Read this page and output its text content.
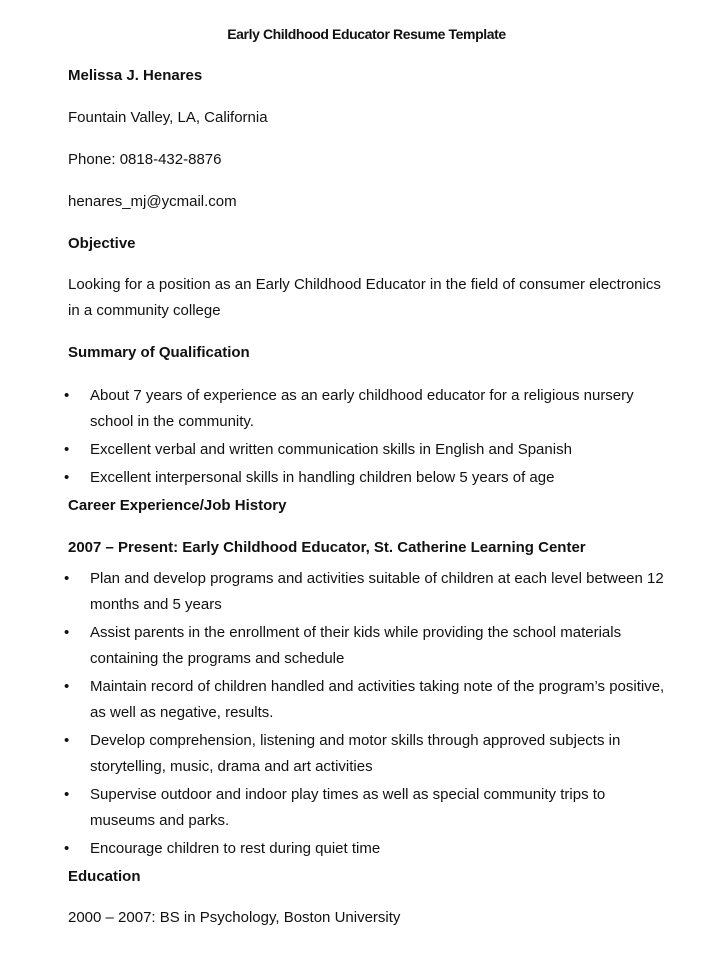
Early Childhood Educator Resume Template
Melissa J. Henares
Fountain Valley, LA, California
Phone: 0818-432-8876
henares_mj@ycmail.com
Objective
Looking for a position as an Early Childhood Educator in the field of consumer electronics in a community college
Summary of Qualification
• About 7 years of experience as an early childhood educator for a religious nursery school in the community.
• Excellent verbal and written communication skills in English and Spanish
• Excellent interpersonal skills in handling children below 5 years of age
Career Experience/Job History
2007 – Present: Early Childhood Educator, St. Catherine Learning Center
• Plan and develop programs and activities suitable of children at each level between 12 months and 5 years
• Assist parents in the enrollment of their kids while providing the school materials containing the programs and schedule
• Maintain record of children handled and activities taking note of the program’s positive, as well as negative, results.
• Develop comprehension, listening and motor skills through approved subjects in storytelling, music, drama and art activities
• Supervise outdoor and indoor play times as well as special community trips to museums and parks.
• Encourage children to rest during quiet time
Education
2000 – 2007: BS in Psychology, Boston University
